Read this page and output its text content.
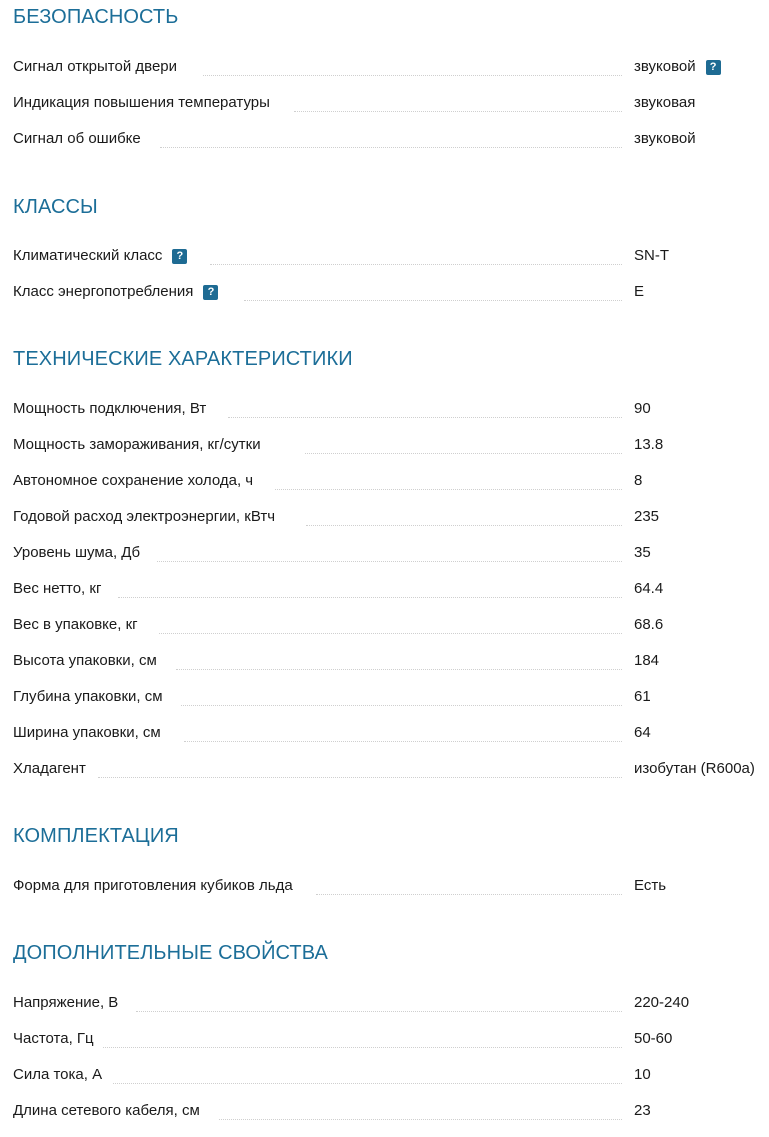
БЕЗОПАСНОСТЬ
Сигнал открытой двери	звуковой	?
Индикация повышения температуры	звуковая
Сигнал об ошибке	звуковой
КЛАССЫ
Климатический класс	?	SN-T
Класс энергопотребления	?	E
ТЕХНИЧЕСКИЕ ХАРАКТЕРИСТИКИ
Мощность подключения, Вт	90
Мощность замораживания, кг/сутки	13.8
Автономное сохранение холода, ч	8
Годовой расход электроэнергии, кВтч	235
Уровень шума, Дб	35
Вес нетто, кг	64.4
Вес в упаковке, кг	68.6
Высота упаковки, см	184
Глубина упаковки, см	61
Ширина упаковки, см	64
Хладагент	изобутан (R600a)
КОМПЛЕКТАЦИЯ
Форма для приготовления кубиков льда	Есть
ДОПОЛНИТЕЛЬНЫЕ СВОЙСТВА
Напряжение, В	220-240
Частота, Гц	50-60
Сила тока, А	10
Длина сетевого кабеля, см	23
